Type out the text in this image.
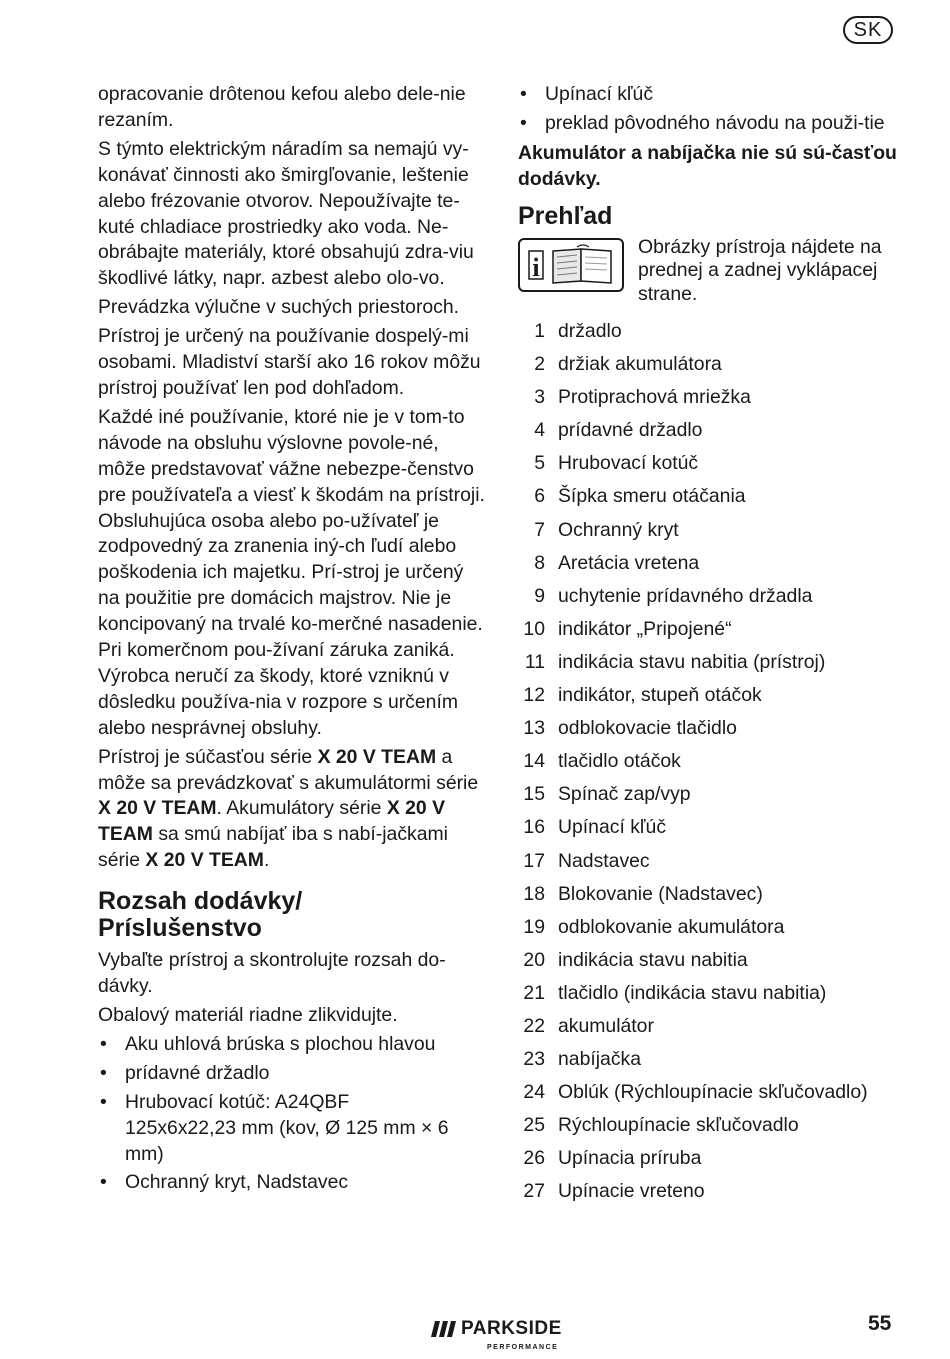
SK

opracovanie drôtenou kefou alebo dele-nie rezaním.

S týmto elektrickým náradím sa nemajú vy-konávať činnosti ako šmirgľovanie, leštenie alebo frézovanie otvorov. Nepoužívajte te-kuté chladiace prostriedky ako voda. Ne-obrábajte materiály, ktoré obsahujú zdra-viu škodlivé látky, napr. azbest alebo olo-vo.

Prevádzka výlučne v suchých priestoroch.

Prístroj je určený na používanie dospelý-mi osobami. Mladiství starší ako 16 rokov môžu prístroj používať len pod dohľadom.

Každé iné používanie, ktoré nie je v tom-to návode na obsluhu výslovne povole-né, môže predstavovať vážne nebezpe-čenstvo pre používateľa a viesť k škodám na prístroji. Obsluhujúca osoba alebo po-užívateľ je zodpovedný za zranenia iný-ch ľudí alebo poškodenia ich majetku. Prí-stroj je určený na použitie pre domácich majstrov. Nie je koncipovaný na trvalé ko-merčné nasadenie. Pri komerčnom pou-žívaní záruka zaniká. Výrobca neručí za škody, ktoré vzniknú v dôsledku používa-nia v rozpore s určením alebo nesprávnej obsluhy.

Prístroj je súčasťou série X 20 V TEAM a môže sa prevádzkovať s akumulátormi série X 20 V TEAM. Akumulátory série X 20 V TEAM sa smú nabíjať iba s nabí-jačkami série X 20 V TEAM.

Rozsah dodávky/
Príslušenstvo

Vybaľte prístroj a skontrolujte rozsah do-dávky.

Obalový materiál riadne zlikvidujte.

• Aku uhlová brúska s plochou hlavou
• prídavné držadlo
• Hrubovací kotúč: A24QBF 125x6x22,23 mm (kov, Ø 125 mm × 6 mm)
• Ochranný kryt, Nadstavec
• Upínací kľúč
• preklad pôvodného návodu na použi-tie

Akumulátor a nabíjačka nie sú sú-časťou dodávky.

Prehľad
i
Obrázky prístroja nájdete na prednej a zadnej vyklápacej strane.
1 držadlo
2 držiak akumulátora
3 Protiprachová mriežka
4 prídavné držadlo
5 Hrubovací kotúč
6 Šípka smeru otáčania
7 Ochranný kryt
8 Aretácia vretena
9 uchytenie prídavného držadla
10 indikátor „Pripojené“
11 indikácia stavu nabitia (prístroj)
12 indikátor, stupeň otáčok
13 odblokovacie tlačidlo
14 tlačidlo otáčok
15 Spínač zap/vyp
16 Upínací kľúč
17 Nadstavec
18 Blokovanie (Nadstavec)
19 odblokovanie akumulátora
20 indikácia stavu nabitia
21 tlačidlo (indikácia stavu nabitia)
22 akumulátor
23 nabíjačka
24 Oblúk (Rýchloupínacie skľučovadlo)
25 Rýchloupínacie skľučovadlo
26 Upínacia príruba
27 Upínacie vreteno
PARKSIDE
PERFORMANCE
55
